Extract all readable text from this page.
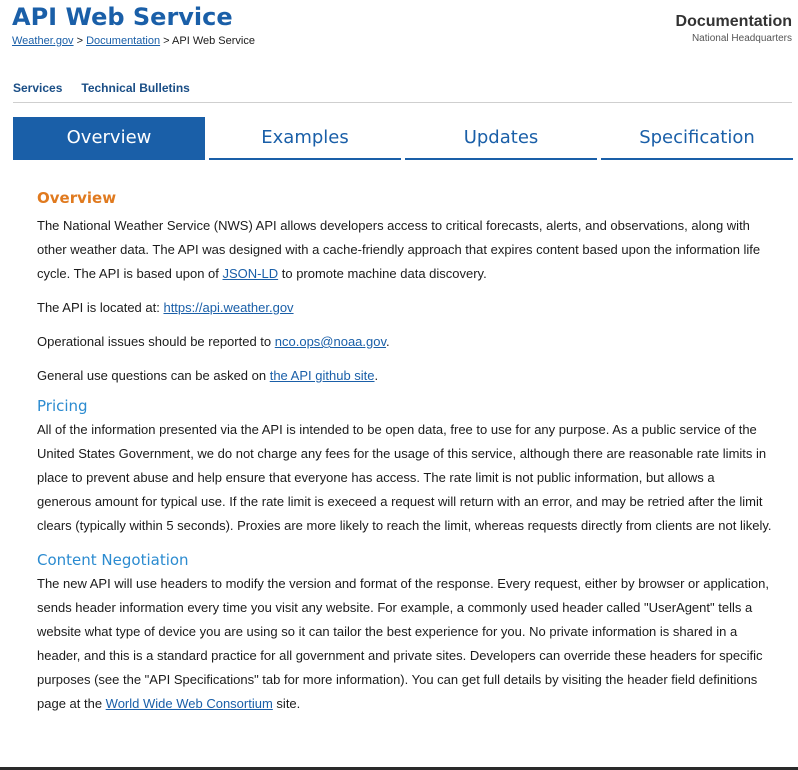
API Web Service
Weather.gov > Documentation > API Web Service
Documentation
National Headquarters
Services Technical Bulletins
Overview	Examples	Updates	Specification
Overview

The National Weather Service (NWS) API allows developers access to critical forecasts, alerts, and observations, along with other weather data. The API was designed with a cache-friendly approach that expires content based upon the information life cycle. The API is based upon of JSON-LD to promote machine data discovery.

The API is located at: https://api.weather.gov

Operational issues should be reported to nco.ops@noaa.gov.

General use questions can be asked on the API github site.

Pricing

All of the information presented via the API is intended to be open data, free to use for any purpose. As a public service of the United States Government, we do not charge any fees for the usage of this service, although there are reasonable rate limits in place to prevent abuse and help ensure that everyone has access. The rate limit is not public information, but allows a generous amount for typical use. If the rate limit is execeed a request will return with an error, and may be retried after the limit clears (typically within 5 seconds). Proxies are more likely to reach the limit, whereas requests directly from clients are not likely.

Content Negotiation

The new API will use headers to modify the version and format of the response. Every request, either by browser or application, sends header information every time you visit any website. For example, a commonly used header called "UserAgent" tells a website what type of device you are using so it can tailor the best experience for you. No private information is shared in a header, and this is a standard practice for all government and private sites. Developers can override these headers for specific purposes (see the "API Specifications" tab for more information). You can get full details by visiting the header field definitions page at the World Wide Web Consortium site.
